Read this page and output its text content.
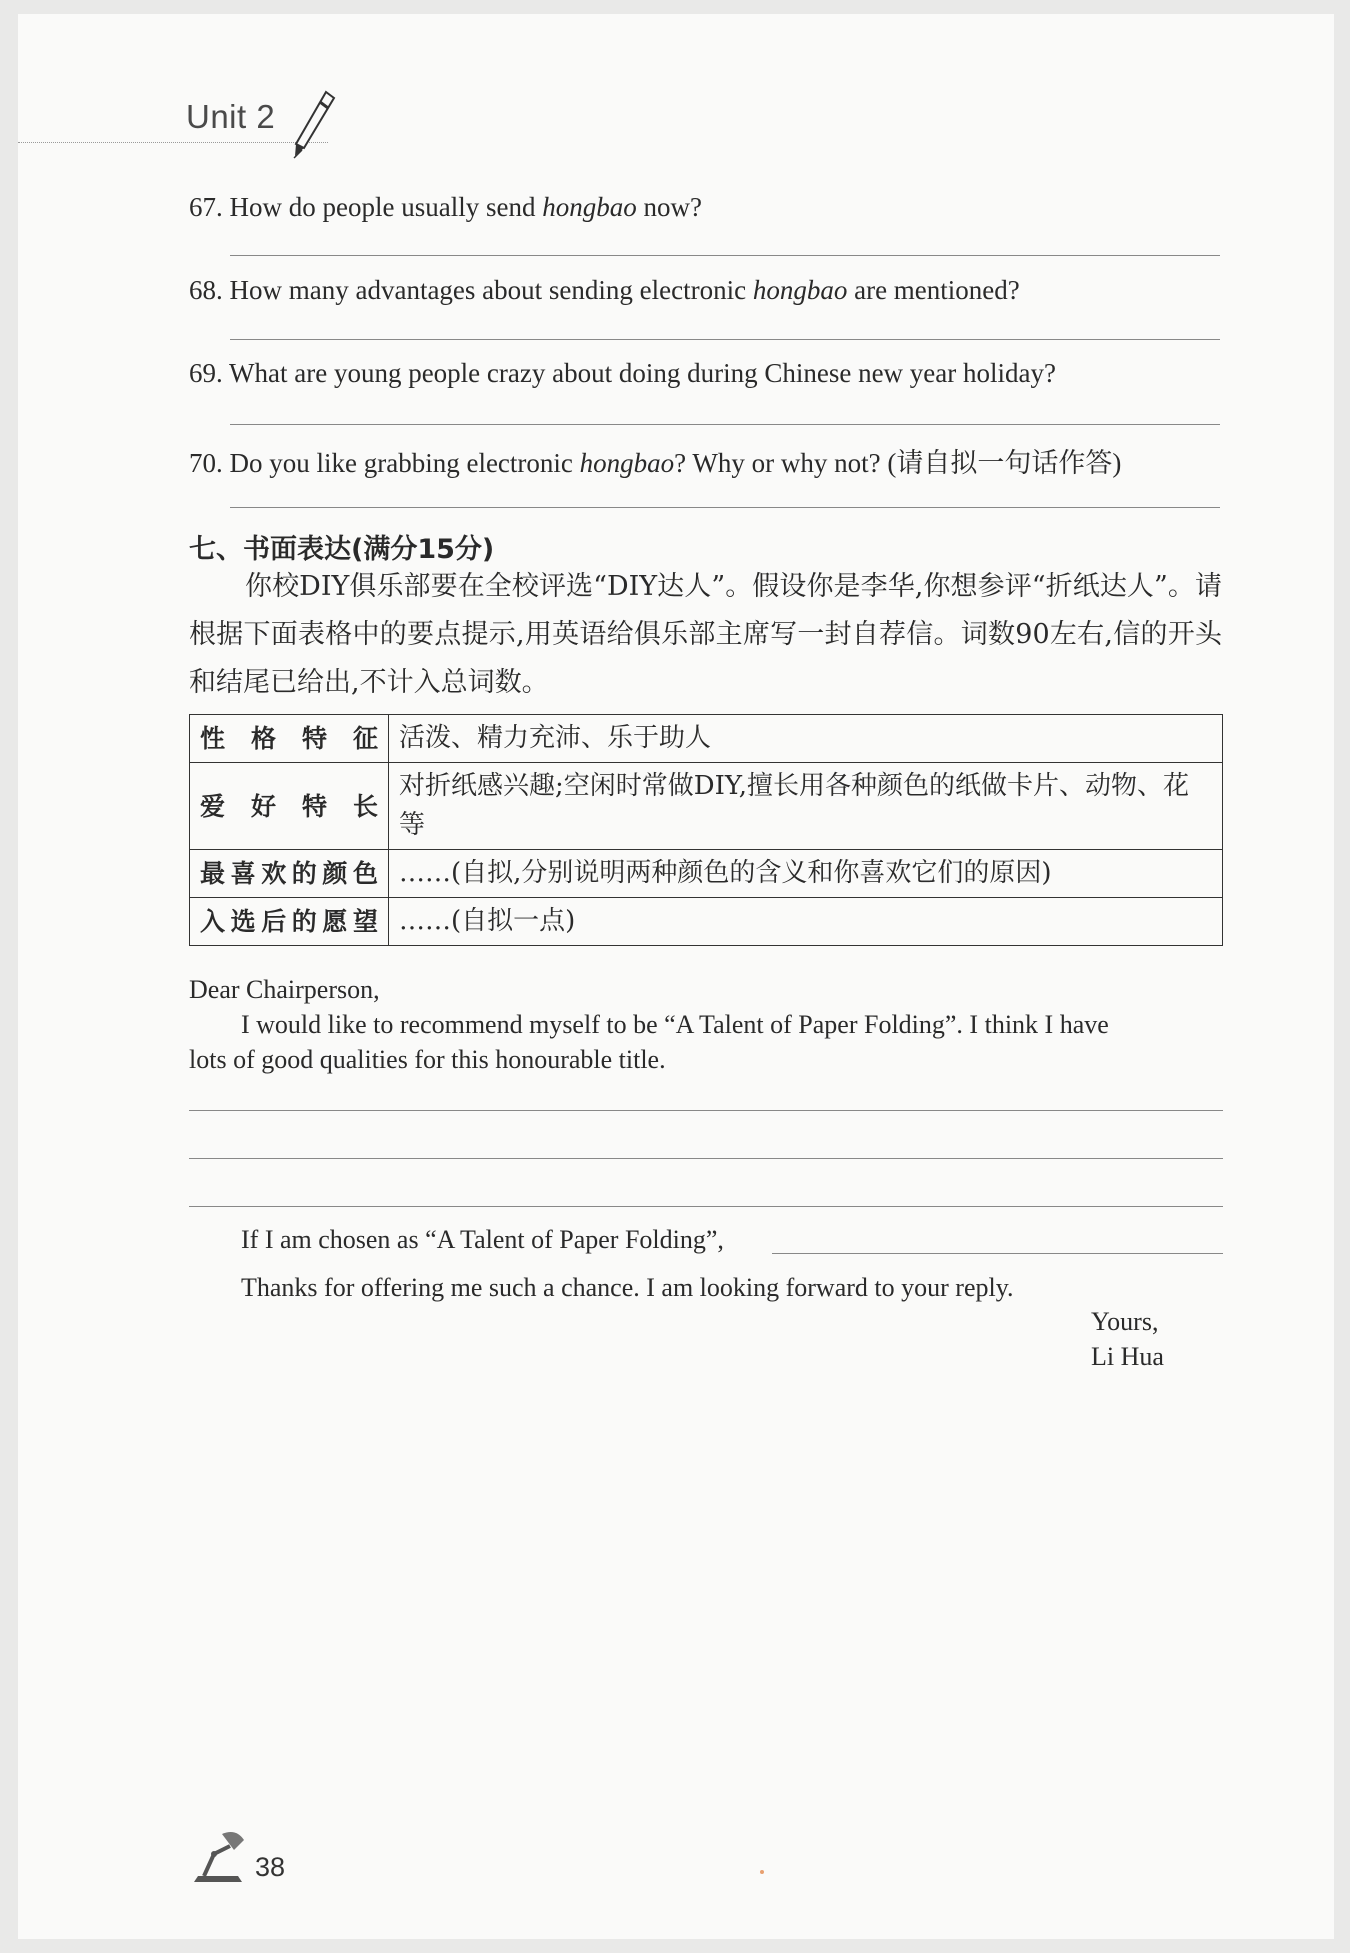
Unit 2
67. How do people usually send hongbao now?
68. How many advantages about sending electronic hongbao are mentioned?
69. What are young people crazy about doing during Chinese new year holiday?
70. Do you like grabbing electronic hongbao? Why or why not? (请自拟一句话作答)
七、书面表达(满分15分)
你校DIY俱乐部要在全校评选“DIY达人”。假设你是李华,你想参评“折纸达人”。请根据下面表格中的要点提示,用英语给俱乐部主席写一封自荐信。词数90左右,信的开头和结尾已给出,不计入总词数。
性 格 特 征	活泼、精力充沛、乐于助人
爱 好 特 长	对折纸感兴趣;空闲时常做DIY,擅长用各种颜色的纸做卡片、动物、花等
最喜欢的颜色	……(自拟,分别说明两种颜色的含义和你喜欢它们的原因)
入选后的愿望	……(自拟一点)
Dear Chairperson,
I would like to recommend myself to be “A Talent of Paper Folding”. I think I have
lots of good qualities for this honourable title.
If I am chosen as “A Talent of Paper Folding”,
Thanks for offering me such a chance. I am looking forward to your reply.
Yours,
Li Hua
38
